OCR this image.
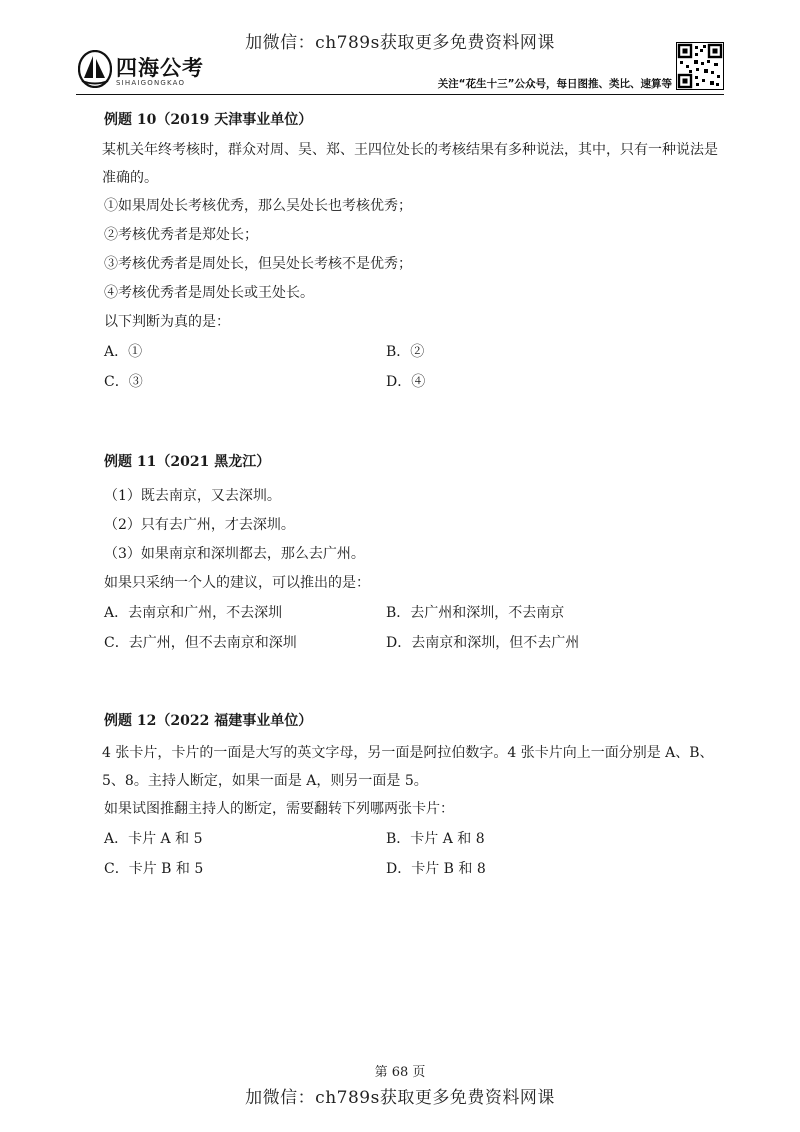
加微信：ch789s获取更多免费资料网课
四海公考
SIHAIGONGKAO	关注“花生十三”公众号，每日图推、类比、速算等

例题 10（2019 天津事业单位）

某机关年终考核时，群众对周、吴、郑、王四位处长的考核结果有多种说法，其中，只有一种说法是准确的。

①如果周处长考核优秀，那么吴处长也考核优秀；

②考核优秀者是郑处长；

③考核优秀者是周处长，但吴处长考核不是优秀；

④考核优秀者是周处长或王处长。

以下判断为真的是：

A．①	B．②
C．③	D．④

例题 11（2021 黑龙江）

（1）既去南京，又去深圳。

（2）只有去广州，才去深圳。

（3）如果南京和深圳都去，那么去广州。

如果只采纳一个人的建议，可以推出的是：

A．去南京和广州，不去深圳	B．去广州和深圳，不去南京
C．去广州，但不去南京和深圳	D．去南京和深圳，但不去广州

例题 12（2022 福建事业单位）

4 张卡片，卡片的一面是大写的英文字母，另一面是阿拉伯数字。4 张卡片向上一面分别是 A、B、5、8。主持人断定，如果一面是 A，则另一面是 5。

如果试图推翻主持人的断定，需要翻转下列哪两张卡片：

A．卡片 A 和 5	B．卡片 A 和 8
C．卡片 B 和 5	D．卡片 B 和 8
第 68 页
加微信：ch789s获取更多免费资料网课
